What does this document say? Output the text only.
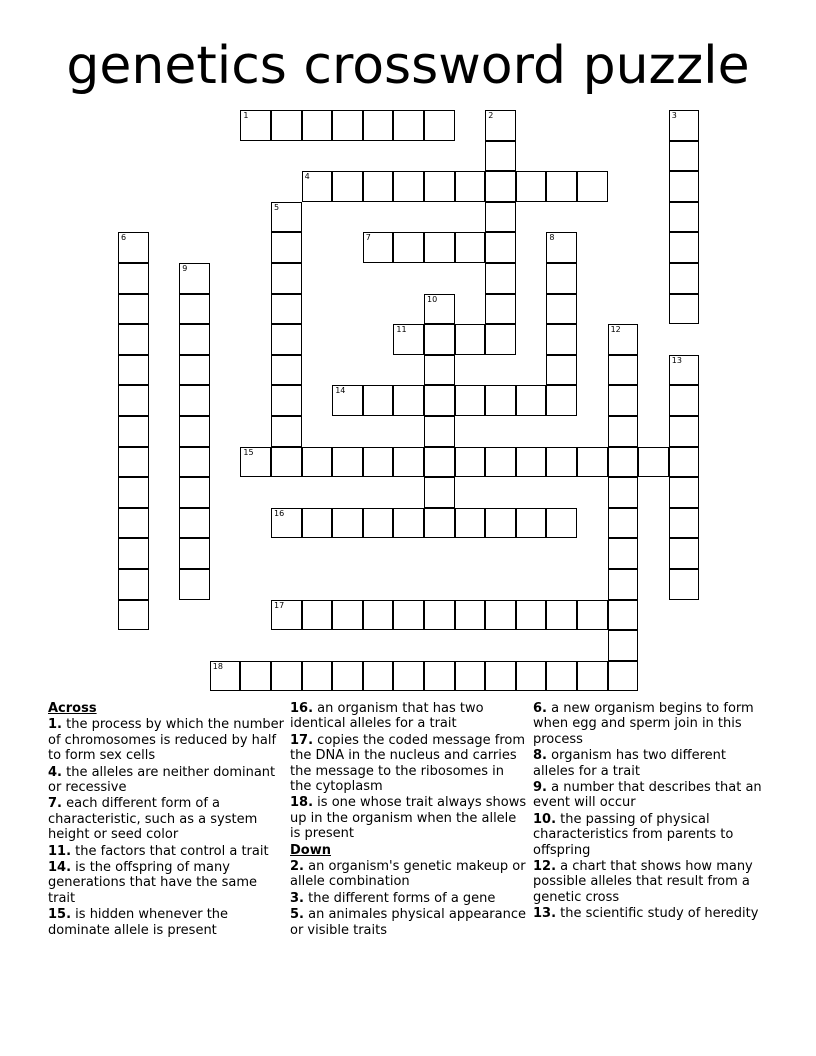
genetics crossword puzzle
1	2	3
4
5
6	7	8
9
10
11	12
13
14
15
16
17
18
Across
1. the process by which the number of chromosomes is reduced by half to form sex cells
4. the alleles are neither dominant or recessive
7. each different form of a characteristic, such as a system height or seed color
11. the factors that control a trait
14. is the offspring of many generations that have the same trait
15. is hidden whenever the dominate allele is present
16. an organism that has two identical alleles for a trait
17. copies the coded message from the DNA in the nucleus and carries the message to the ribosomes in the cytoplasm
18. is one whose trait always shows up in the organism when the allele is present
Down
2. an organism's genetic makeup or allele combination
3. the different forms of a gene
5. an animales physical appearance or visible traits
6. a new organism begins to form when egg and sperm join in this process
8. organism has two different alleles for a trait
9. a number that describes that an event will occur
10. the passing of physical characteristics from parents to offspring
12. a chart that shows how many possible alleles that result from a genetic cross
13. the scientific study of heredity
